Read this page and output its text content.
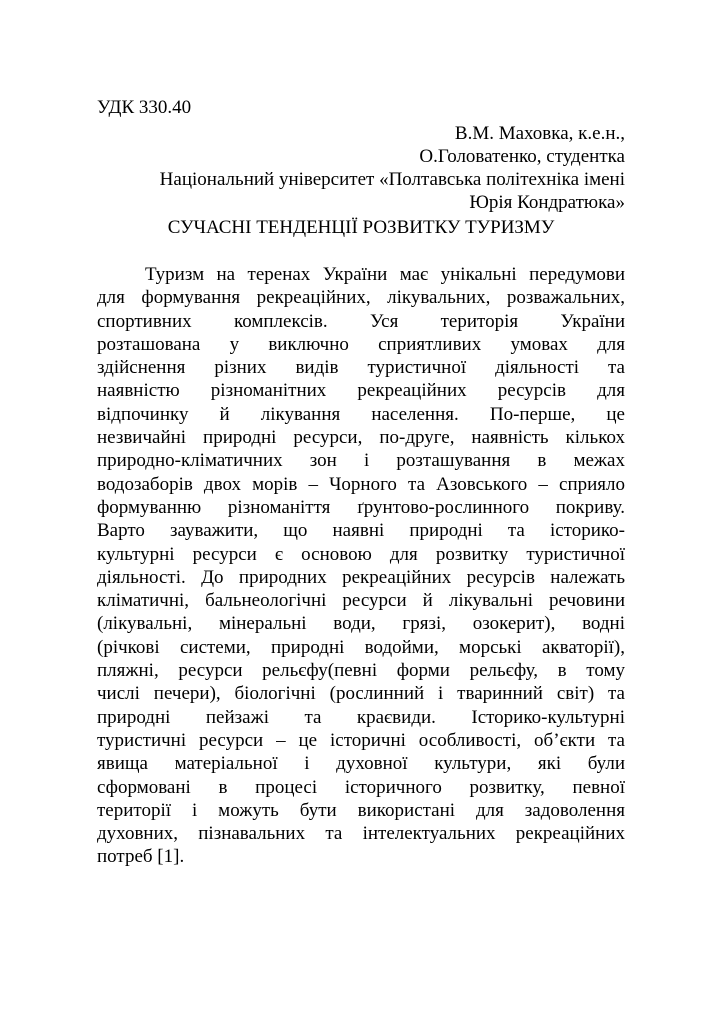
УДК 330.40
В.М. Маховка, к.е.н.,
О.Головатенко, студентка
Національний університет «Полтавська політехніка імені
Юрія Кондратюка»
СУЧАСНІ ТЕНДЕНЦІЇ РОЗВИТКУ ТУРИЗМУ
Туризм на теренах України має унікальні передумови
для формування рекреаційних, лікувальних, розважальних,
спортивних комплексів. Уся територія України
розташована у виключно сприятливих умовах для
здійснення різних видів туристичної діяльності та
наявністю різноманітних рекреаційних ресурсів для
відпочинку й лікування населення. По-перше, це
незвичайні природні ресурси, по-друге, наявність кількох
природно-кліматичних зон і розташування в межах
водозаборів двох морів – Чорного та Азовського – сприяло
формуванню різноманіття ґрунтово-рослинного покриву.
Варто зауважити, що наявні природні та історико-
культурні ресурси є основою для розвитку туристичної
діяльності. До природних рекреаційних ресурсів належать
кліматичні, бальнеологічні ресурси й лікувальні речовини
(лікувальні, мінеральні води, грязі, озокерит), водні
(річкові системи, природні водойми, морські акваторії),
пляжні, ресурси рельєфу(певні форми рельєфу, в тому
числі печери), біологічні (рослинний і тваринний світ) та
природні пейзажі та краєвиди. Історико-культурні
туристичні ресурси – це історичні особливості, об’єкти та
явища матеріальної і духовної культури, які були
сформовані в процесі історичного розвитку, певної
території і можуть бути використані для задоволення
духовних, пізнавальних та інтелектуальних рекреаційних
потреб [1].
